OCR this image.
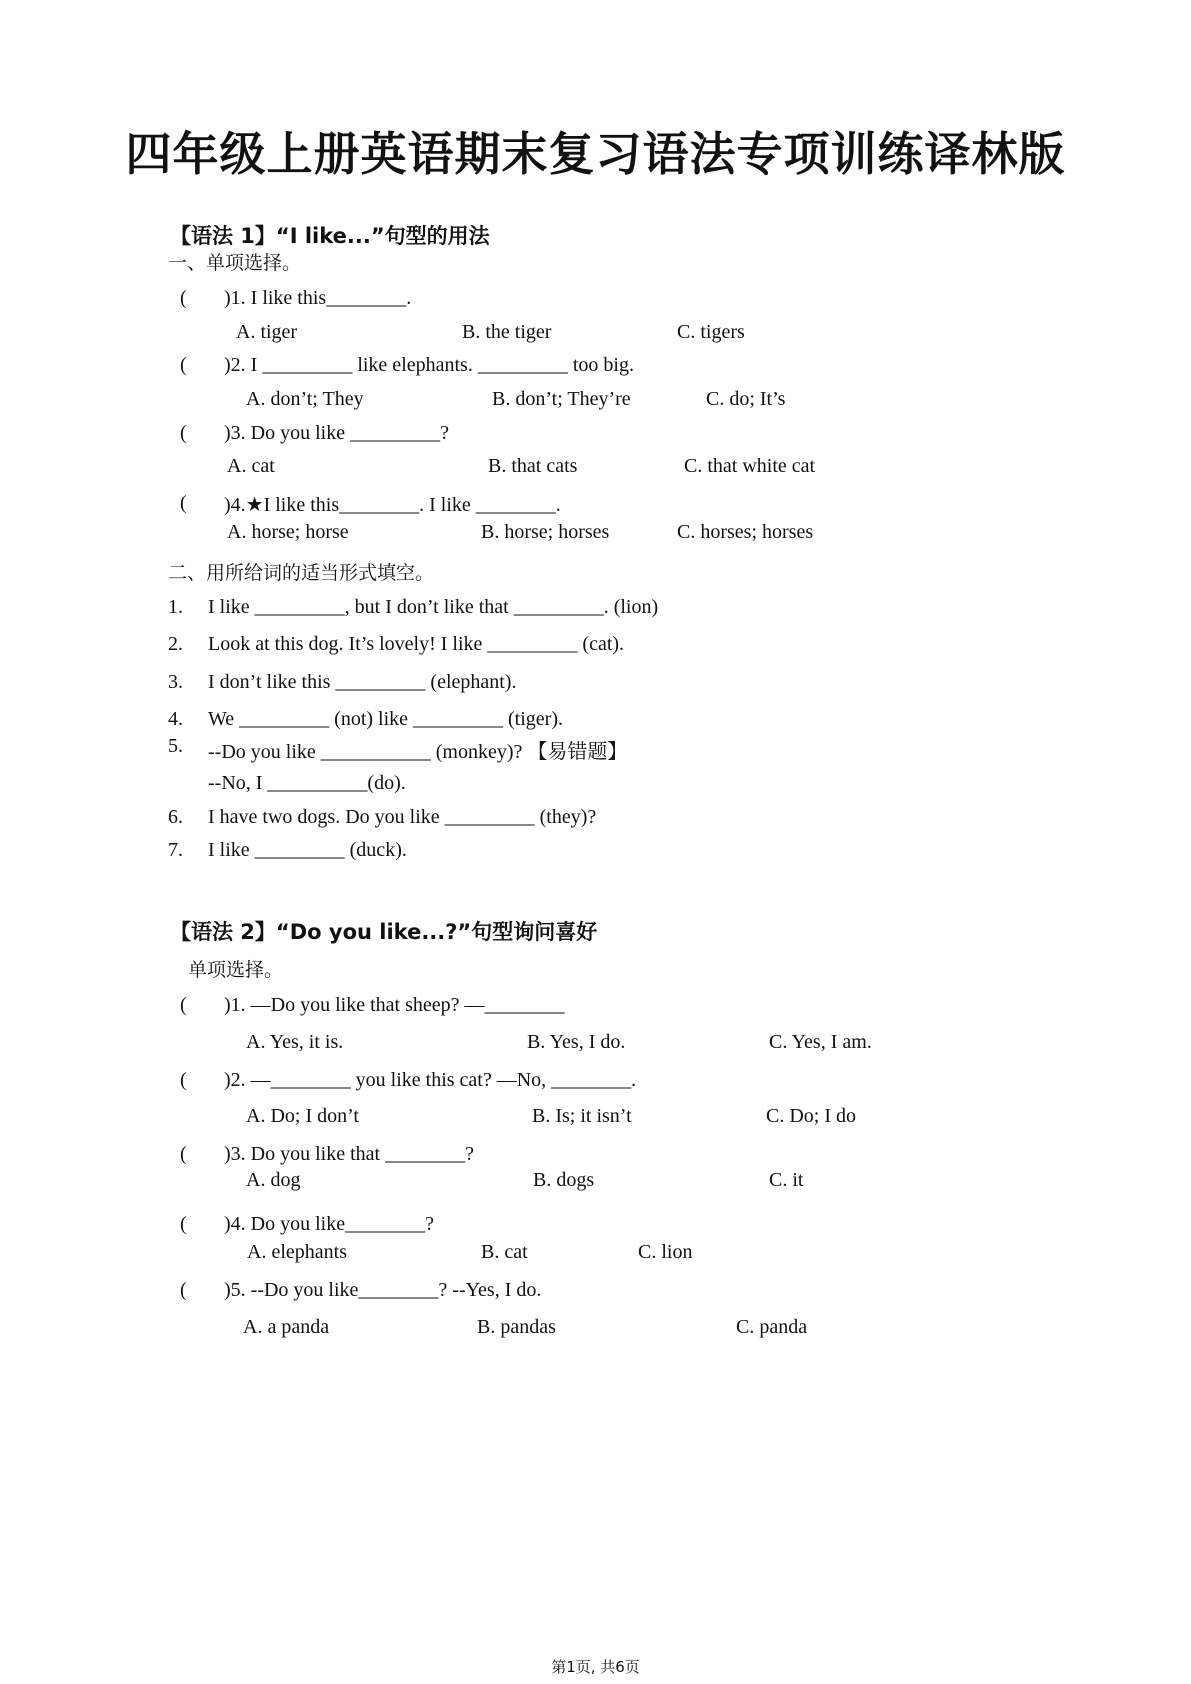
四年级上册英语期末复习语法专项训练译林版
【语法 1】“I like...”句型的用法
一、单项选择。
( )1. I like this________.
A. tiger	B. the tiger	C. tigers
( )2. I _________ like elephants. _________ too big.
A. don’t; They	B. don’t; They’re	C. do; It’s
( )3. Do you like _________?
A. cat	B. that cats	C. that white cat
( )4.★I like this________. I like ________.
A. horse; horse	B. horse; horses	C. horses; horses
二、用所给词的适当形式填空。
1. I like _________, but I don’t like that _________. (lion)
2. Look at this dog. It’s lovely! I like _________ (cat).
3. I don’t like this _________ (elephant).
4. We _________ (not) like _________ (tiger).
5. --Do you like ___________ (monkey)? 【易错题】
--No, I __________(do).
6. I have two dogs. Do you like _________ (they)?
7. I like _________ (duck).
【语法 2】“Do you like...?”句型询问喜好
单项选择。
( )1. —Do you like that sheep? —________
A. Yes, it is.	B. Yes, I do.	C. Yes, I am.
( )2. —________ you like this cat? —No, ________.
A. Do; I don’t	B. Is; it isn’t	C. Do; I do
( )3. Do you like that ________?
A. dog	B. dogs	C. it
( )4. Do you like________?
A. elephants	B. cat	C. lion
( )5. --Do you like________? --Yes, I do.
A. a panda	B. pandas	C. panda
第1页, 共6页
